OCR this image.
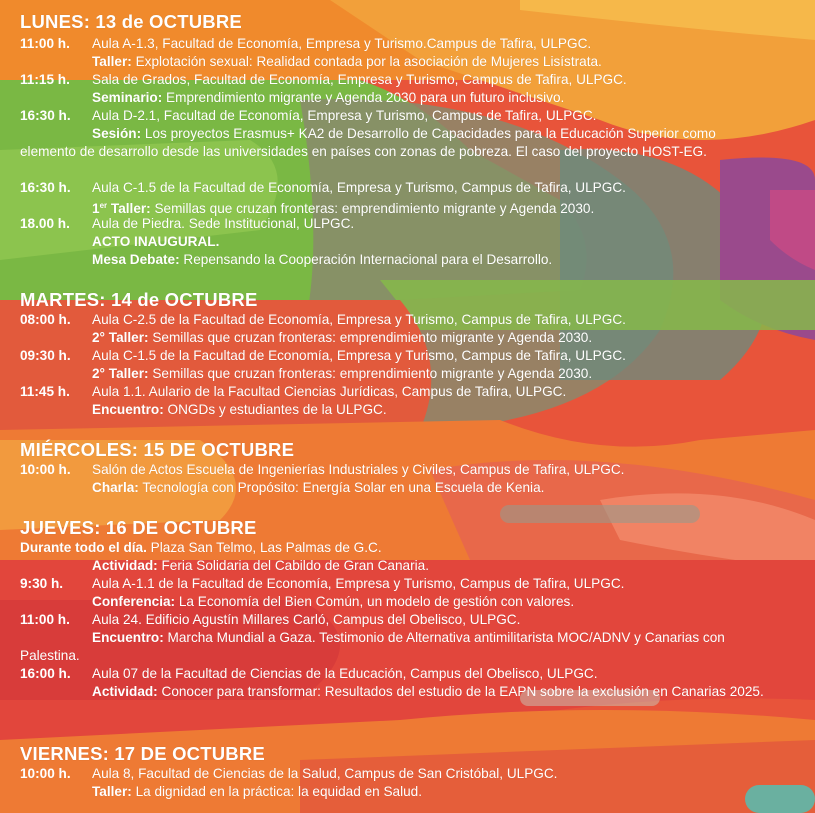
LUNES: 13 de OCTUBRE
11:00 h. Aula A-1.3, Facultad de Economía, Empresa y Turismo.Campus de Tafira, ULPGC.
Taller: Explotación sexual: Realidad contada por la asociación de Mujeres Lisístrata.
11:15 h. Sala de Grados, Facultad de Economía, Empresa y Turismo, Campus de Tafira, ULPGC.
Seminario: Emprendimiento migrante y Agenda 2030 para un futuro inclusivo.
16:30 h. Aula D-2.1, Facultad de Economía, Empresa y Turismo, Campus de Tafira, ULPGC.
Sesión: Los proyectos Erasmus+ KA2 de Desarrollo de Capacidades para la Educación Superior como elemento de desarrollo desde las universidades en países con zonas de pobreza. El caso del proyecto HOST-EG.
16:30 h. Aula C-1.5 de la Facultad de Economía, Empresa y Turismo, Campus de Tafira, ULPGC.
1er Taller: Semillas que cruzan fronteras: emprendimiento migrante y Agenda 2030.
18.00 h. Aula de Piedra. Sede Institucional, ULPGC.
ACTO INAUGURAL.
Mesa Debate: Repensando la Cooperación Internacional para el Desarrollo.
MARTES: 14 de OCTUBRE
08:00 h. Aula C-2.5 de la Facultad de Economía, Empresa y Turismo, Campus de Tafira, ULPGC.
2° Taller: Semillas que cruzan fronteras: emprendimiento migrante y Agenda 2030.
09:30 h. Aula C-1.5 de la Facultad de Economía, Empresa y Turismo, Campus de Tafira, ULPGC.
2° Taller: Semillas que cruzan fronteras: emprendimiento migrante y Agenda 2030.
11:45 h. Aula 1.1. Aulario de la Facultad Ciencias Jurídicas, Campus de Tafira, ULPGC.
Encuentro: ONGDs y estudiantes de la ULPGC.
MIÉRCOLES: 15 DE OCTUBRE
10:00 h. Salón de Actos Escuela de Ingenierías Industriales y Civiles, Campus de Tafira, ULPGC.
Charla: Tecnología con Propósito: Energía Solar en una Escuela de Kenia.
JUEVES: 16 DE OCTUBRE
Durante todo el día. Plaza San Telmo, Las Palmas de G.C.
Actividad: Feria Solidaria del Cabildo de Gran Canaria.
9:30 h. Aula A-1.1 de la Facultad de Economía, Empresa y Turismo, Campus de Tafira, ULPGC.
Conferencia: La Economía del Bien Común, un modelo de gestión con valores.
11:00 h. Aula 24. Edificio Agustín Millares Carló, Campus del Obelisco, ULPGC.
Encuentro: Marcha Mundial a Gaza. Testimonio de Alternativa antimilitarista MOC/ADNV y Canarias con Palestina.
16:00 h. Aula 07 de la Facultad de Ciencias de la Educación, Campus del Obelisco, ULPGC.
Actividad: Conocer para transformar: Resultados del estudio de la EAPN sobre la exclusión en Canarias 2025.
VIERNES: 17 DE OCTUBRE
10:00 h. Aula 8, Facultad de Ciencias de la Salud, Campus de San Cristóbal, ULPGC.
Taller: La dignidad en la práctica: la equidad en Salud.
